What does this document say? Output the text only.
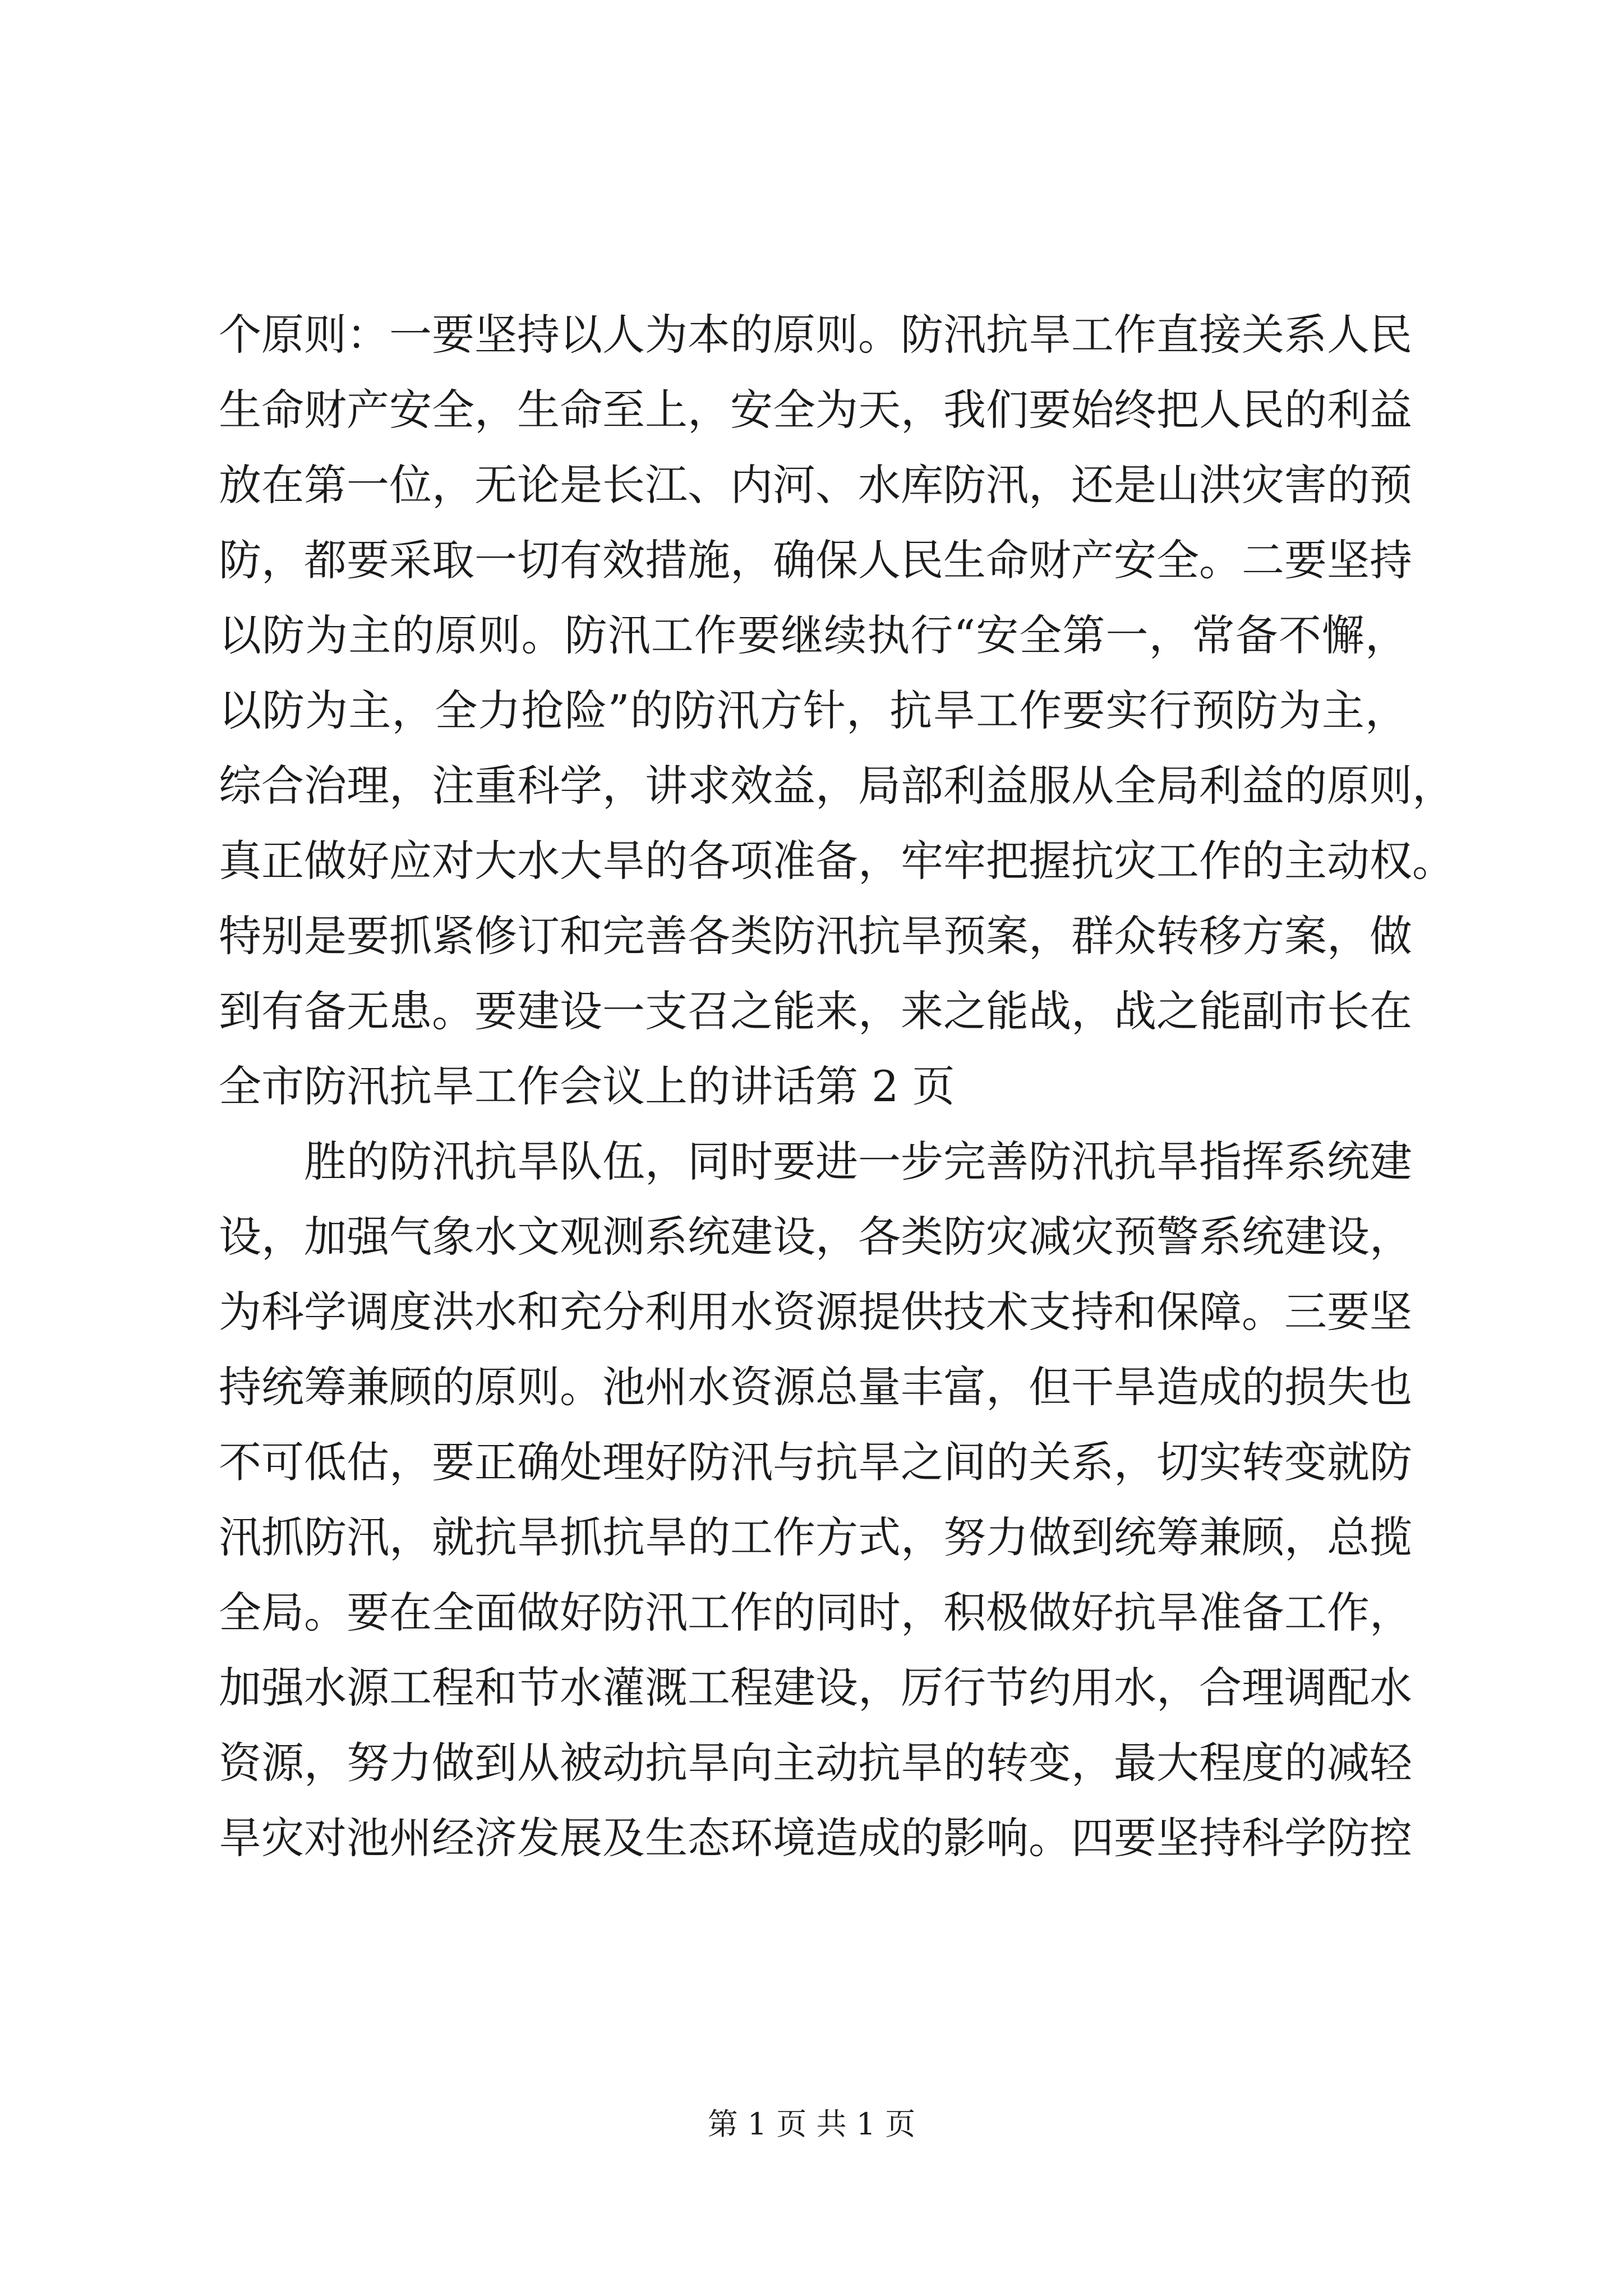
个原则：一要坚持以人为本的原则。防汛抗旱工作直接关系人民
生命财产安全，生命至上，安全为天，我们要始终把人民的利益
放在第一位，无论是长江、内河、水库防汛，还是山洪灾害的预
防，都要采取一切有效措施，确保人民生命财产安全。二要坚持
以防为主的原则。防汛工作要继续执行“安全第一，常备不懈，
以防为主，全力抢险”的防汛方针，抗旱工作要实行预防为主，
综合治理，注重科学，讲求效益，局部利益服从全局利益的原则，
真正做好应对大水大旱的各项准备，牢牢把握抗灾工作的主动权。
特别是要抓紧修订和完善各类防汛抗旱预案，群众转移方案，做
到有备无患。要建设一支召之能来，来之能战，战之能副市长在
全市防汛抗旱工作会议上的讲话第 2 页
胜的防汛抗旱队伍，同时要进一步完善防汛抗旱指挥系统建
设，加强气象水文观测系统建设，各类防灾减灾预警系统建设，
为科学调度洪水和充分利用水资源提供技术支持和保障。三要坚
持统筹兼顾的原则。池州水资源总量丰富，但干旱造成的损失也
不可低估，要正确处理好防汛与抗旱之间的关系，切实转变就防
汛抓防汛，就抗旱抓抗旱的工作方式，努力做到统筹兼顾，总揽
全局。要在全面做好防汛工作的同时，积极做好抗旱准备工作，
加强水源工程和节水灌溉工程建设，厉行节约用水，合理调配水
资源，努力做到从被动抗旱向主动抗旱的转变，最大程度的减轻
旱灾对池州经济发展及生态环境造成的影响。四要坚持科学防控
第 1 页 共 1 页
